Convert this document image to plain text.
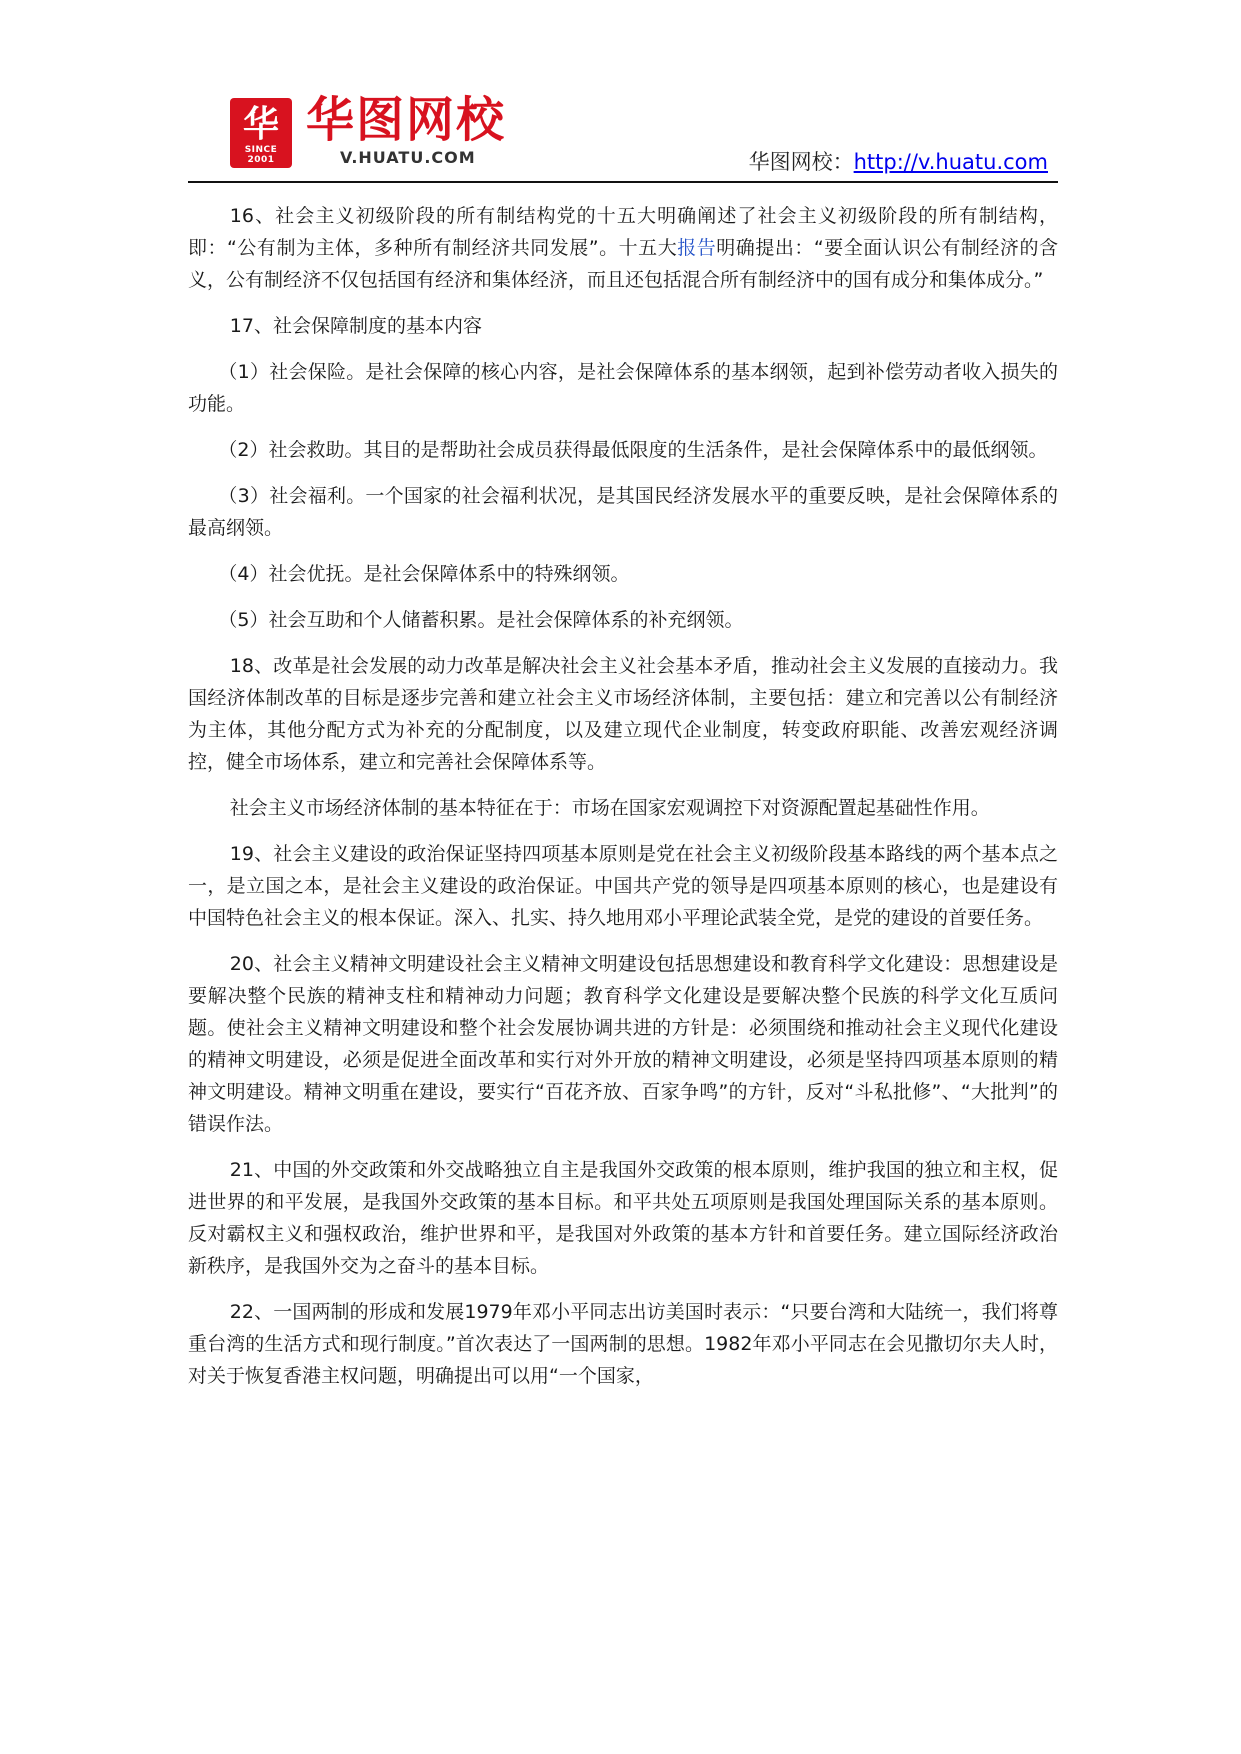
华
SINCE 2001
华图网校
V.HUATU.COM	华图网校：http://v.huatu.com

16、社会主义初级阶段的所有制结构党的十五大明确阐述了社会主义初级阶段的所有制结构，即：“公有制为主体，多种所有制经济共同发展”。十五大报告明确提出：“要全面认识公有制经济的含义，公有制经济不仅包括国有经济和集体经济，而且还包括混合所有制经济中的国有成分和集体成分。”

17、社会保障制度的基本内容

（1）社会保险。是社会保障的核心内容，是社会保障体系的基本纲领，起到补偿劳动者收入损失的功能。

（2）社会救助。其目的是帮助社会成员获得最低限度的生活条件，是社会保障体系中的最低纲领。

（3）社会福利。一个国家的社会福利状况，是其国民经济发展水平的重要反映，是社会保障体系的最高纲领。

（4）社会优抚。是社会保障体系中的特殊纲领。

（5）社会互助和个人储蓄积累。是社会保障体系的补充纲领。

18、改革是社会发展的动力改革是解决社会主义社会基本矛盾，推动社会主义发展的直接动力。我国经济体制改革的目标是逐步完善和建立社会主义市场经济体制，主要包括：建立和完善以公有制经济为主体，其他分配方式为补充的分配制度，以及建立现代企业制度，转变政府职能、改善宏观经济调控，健全市场体系，建立和完善社会保障体系等。

社会主义市场经济体制的基本特征在于：市场在国家宏观调控下对资源配置起基础性作用。

19、社会主义建设的政治保证坚持四项基本原则是党在社会主义初级阶段基本路线的两个基本点之一，是立国之本，是社会主义建设的政治保证。中国共产党的领导是四项基本原则的核心，也是建设有中国特色社会主义的根本保证。深入、扎实、持久地用邓小平理论武装全党，是党的建设的首要任务。

20、社会主义精神文明建设社会主义精神文明建设包括思想建设和教育科学文化建设：思想建设是要解决整个民族的精神支柱和精神动力问题；教育科学文化建设是要解决整个民族的科学文化互质问题。使社会主义精神文明建设和整个社会发展协调共进的方针是：必须围绕和推动社会主义现代化建设的精神文明建设，必须是促进全面改革和实行对外开放的精神文明建设，必须是坚持四项基本原则的精神文明建设。精神文明重在建设，要实行“百花齐放、百家争鸣”的方针，反对“斗私批修”、“大批判”的错误作法。

21、中国的外交政策和外交战略独立自主是我国外交政策的根本原则，维护我国的独立和主权，促进世界的和平发展，是我国外交政策的基本目标。和平共处五项原则是我国处理国际关系的基本原则。反对霸权主义和强权政治，维护世界和平，是我国对外政策的基本方针和首要任务。建立国际经济政治新秩序，是我国外交为之奋斗的基本目标。

22、一国两制的形成和发展1979年邓小平同志出访美国时表示：“只要台湾和大陆统一，我们将尊重台湾的生活方式和现行制度。”首次表达了一国两制的思想。1982年邓小平同志在会见撒切尔夫人时，对关于恢复香港主权问题，明确提出可以用“一个国家，
